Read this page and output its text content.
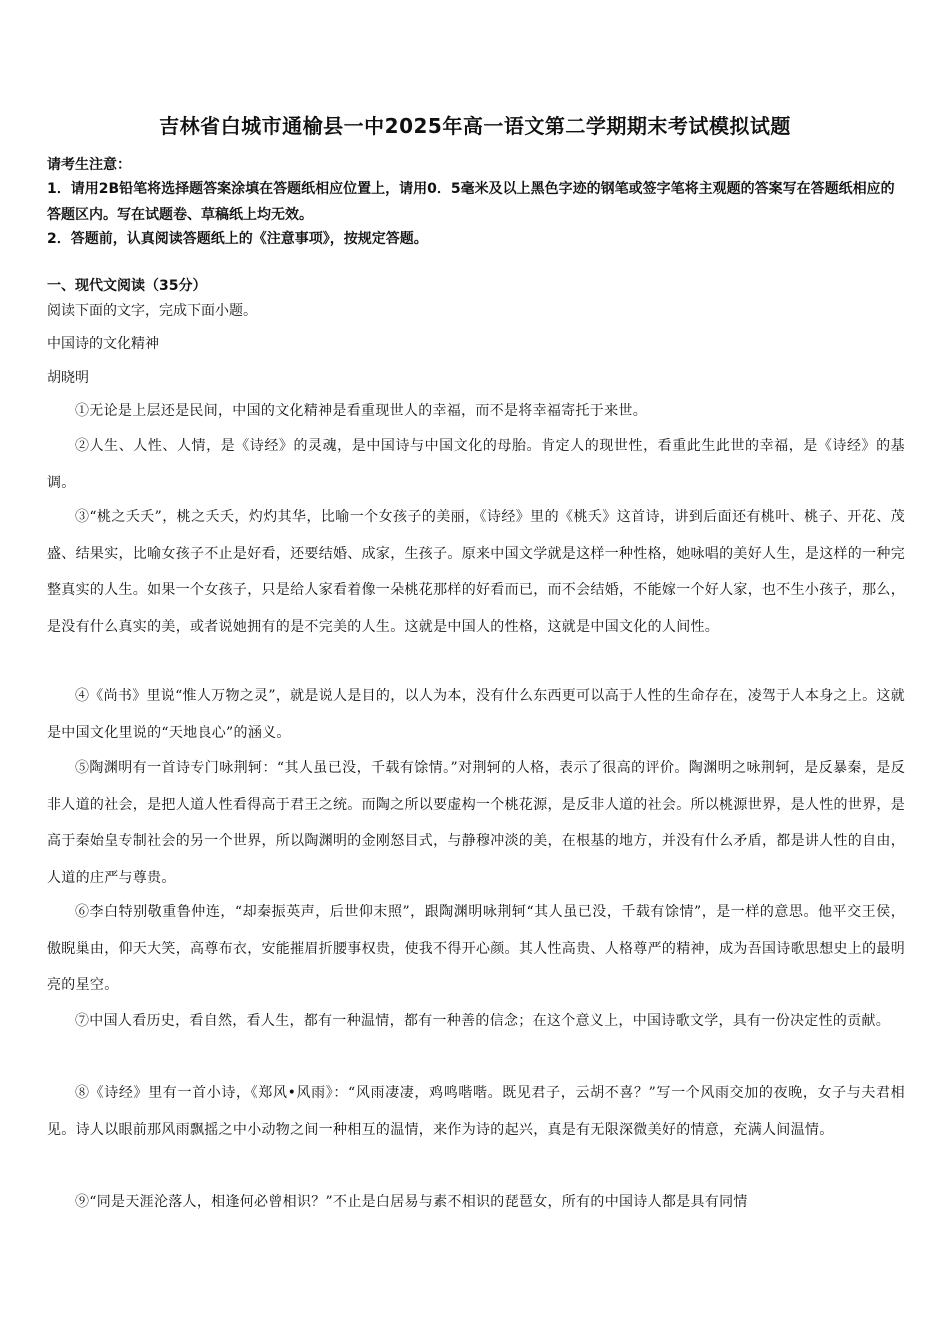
吉林省白城市通榆县一中2025年高一语文第二学期期末考试模拟试题
请考生注意：
1．请用2B铅笔将选择题答案涂填在答题纸相应位置上，请用0．5毫米及以上黑色字迹的钢笔或签字笔将主观题的答案写在答题纸相应的答题区内。写在试题卷、草稿纸上均无效。
2．答题前，认真阅读答题纸上的《注意事项》，按规定答题。
一、现代文阅读（35分）
阅读下面的文字，完成下面小题。
中国诗的文化精神
胡晓明
①无论是上层还是民间，中国的文化精神是看重现世人的幸福，而不是将幸福寄托于来世。
②人生、人性、人情，是《诗经》的灵魂，是中国诗与中国文化的母胎。肯定人的现世性，看重此生此世的幸福，是《诗经》的基调。
③“桃之夭夭”，桃之夭夭，灼灼其华，比喻一个女孩子的美丽，《诗经》里的《桃夭》这首诗，讲到后面还有桃叶、桃子、开花、茂盛、结果实，比喻女孩子不止是好看，还要结婚、成家，生孩子。原来中国文学就是这样一种性格，她咏唱的美好人生，是这样的一种完整真实的人生。如果一个女孩子，只是给人家看着像一朵桃花那样的好看而已，而不会结婚，不能嫁一个好人家，也不生小孩子，那么，是没有什么真实的美，或者说她拥有的是不完美的人生。这就是中国人的性格，这就是中国文化的人间性。
④《尚书》里说“惟人万物之灵”，就是说人是目的，以人为本，没有什么东西更可以高于人性的生命存在，凌驾于人本身之上。这就是中国文化里说的“天地良心”的涵义。
⑤陶渊明有一首诗专门咏荆轲：“其人虽已没，千载有馀情。”对荆轲的人格，表示了很高的评价。陶渊明之咏荆轲，是反暴秦，是反非人道的社会，是把人道人性看得高于君王之统。而陶之所以要虚构一个桃花源，是反非人道的社会。所以桃源世界，是人性的世界，是高于秦始皇专制社会的另一个世界，所以陶渊明的金刚怒目式，与静穆冲淡的美，在根基的地方，并没有什么矛盾，都是讲人性的自由，人道的庄严与尊贵。
⑥李白特别敬重鲁仲连，“却秦振英声，后世仰末照”，跟陶渊明咏荆轲“其人虽已没，千载有馀情”，是一样的意思。他平交王侯，傲睨巢由，仰天大笑，高尊布衣，安能摧眉折腰事权贵，使我不得开心颜。其人性高贵、人格尊严的精神，成为吾国诗歌思想史上的最明亮的星空。
⑦中国人看历史，看自然，看人生，都有一种温情，都有一种善的信念；在这个意义上，中国诗歌文学，具有一份决定性的贡献。
⑧《诗经》里有一首小诗，《郑风•风雨》：“风雨凄凄，鸡鸣喈喈。既见君子，云胡不喜？”写一个风雨交加的夜晚，女子与夫君相见。诗人以眼前那风雨飘摇之中小动物之间一种相互的温情，来作为诗的起兴，真是有无限深微美好的情意，充满人间温情。
⑨“同是天涯沦落人，相逢何必曾相识？”不止是白居易与素不相识的琵琶女，所有的中国诗人都是具有同情
